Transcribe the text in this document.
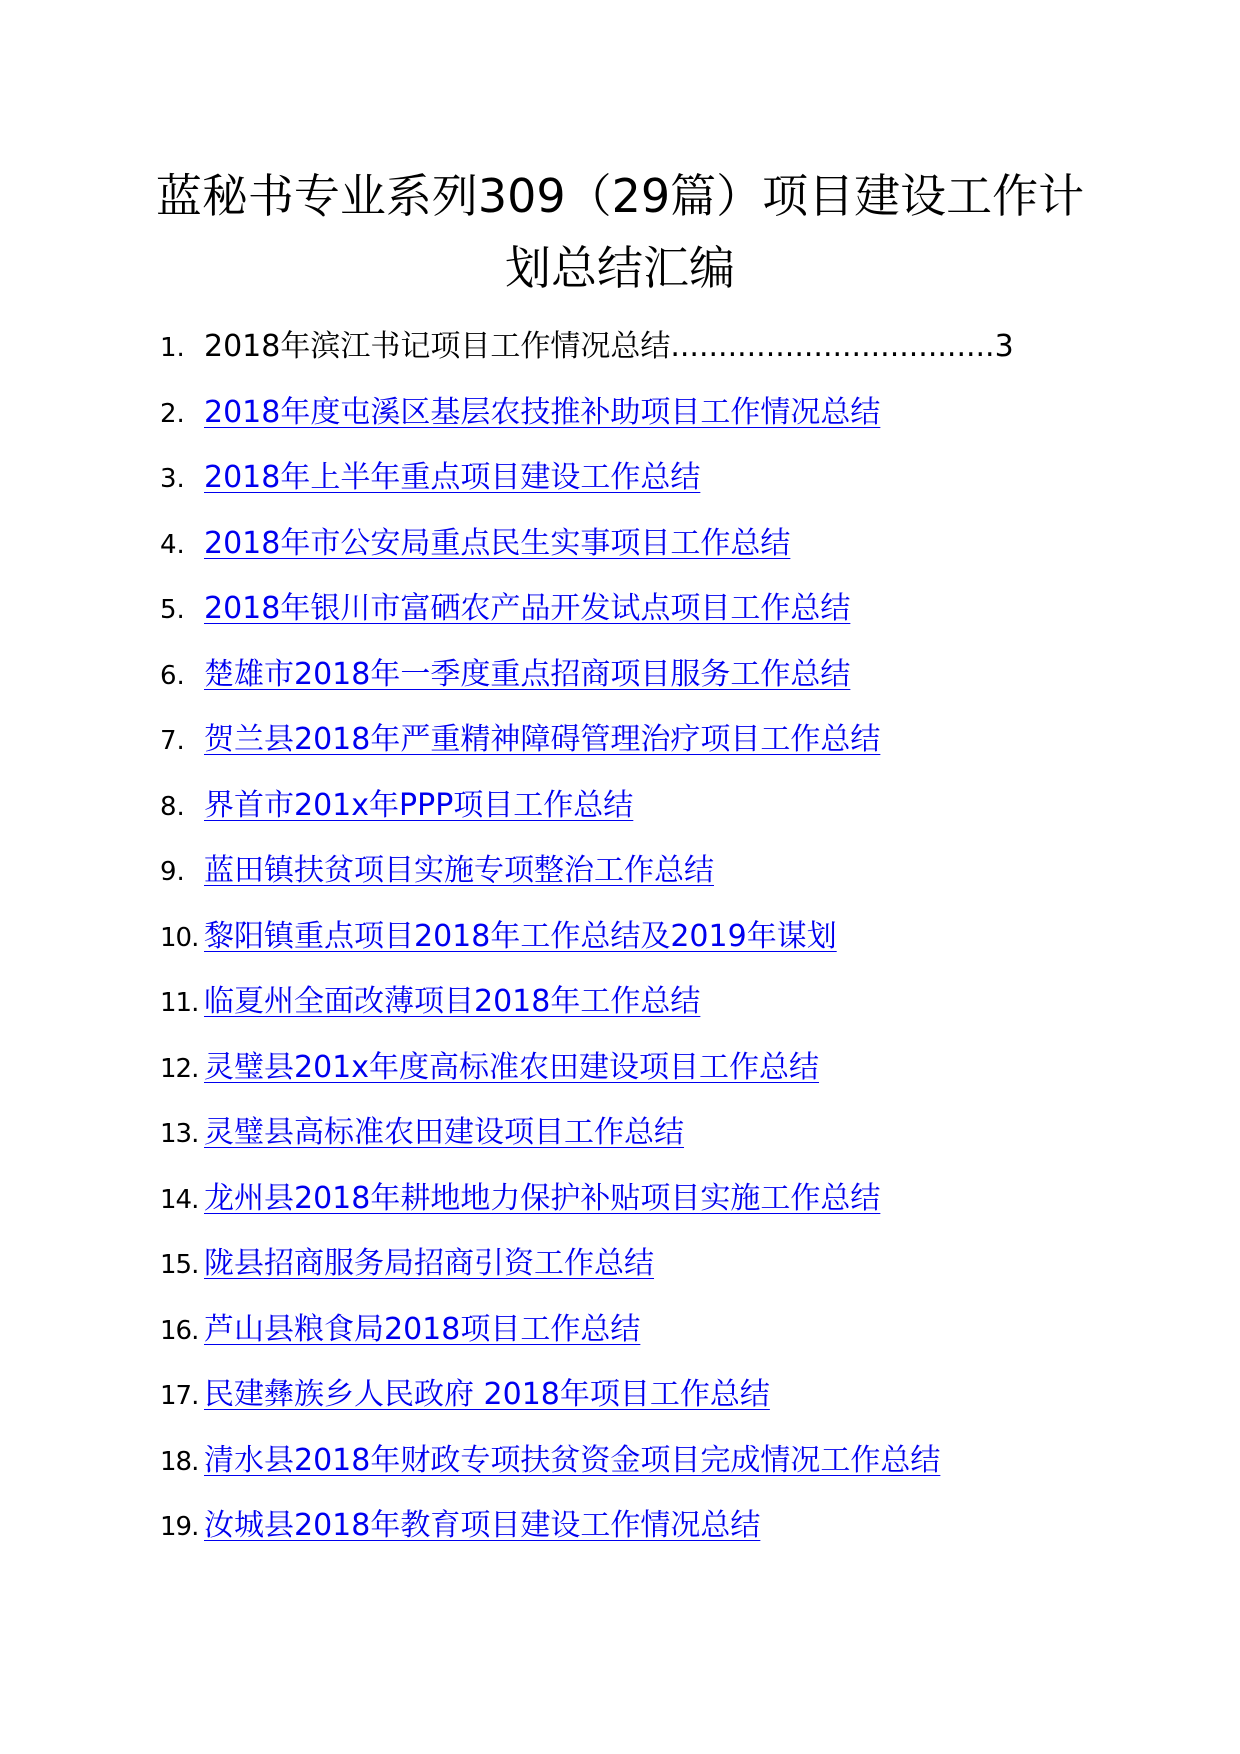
蓝秘书专业系列309（29篇）项目建设工作计划总结汇编
1. 2018年滨江书记项目工作情况总结..................................3
2. 2018年度屯溪区基层农技推补助项目工作情况总结
3. 2018年上半年重点项目建设工作总结
4. 2018年市公安局重点民生实事项目工作总结
5. 2018年银川市富硒农产品开发试点项目工作总结
6. 楚雄市2018年一季度重点招商项目服务工作总结
7. 贺兰县2018年严重精神障碍管理治疗项目工作总结
8. 界首市201x年PPP项目工作总结
9. 蓝田镇扶贫项目实施专项整治工作总结
10. 黎阳镇重点项目2018年工作总结及2019年谋划
11. 临夏州全面改薄项目2018年工作总结
12. 灵璧县201x年度高标准农田建设项目工作总结
13. 灵璧县高标准农田建设项目工作总结
14. 龙州县2018年耕地地力保护补贴项目实施工作总结
15. 陇县招商服务局招商引资工作总结
16. 芦山县粮食局2018项目工作总结
17. 民建彝族乡人民政府 2018年项目工作总结
18. 清水县2018年财政专项扶贫资金项目完成情况工作总结
19. 汝城县2018年教育项目建设工作情况总结
